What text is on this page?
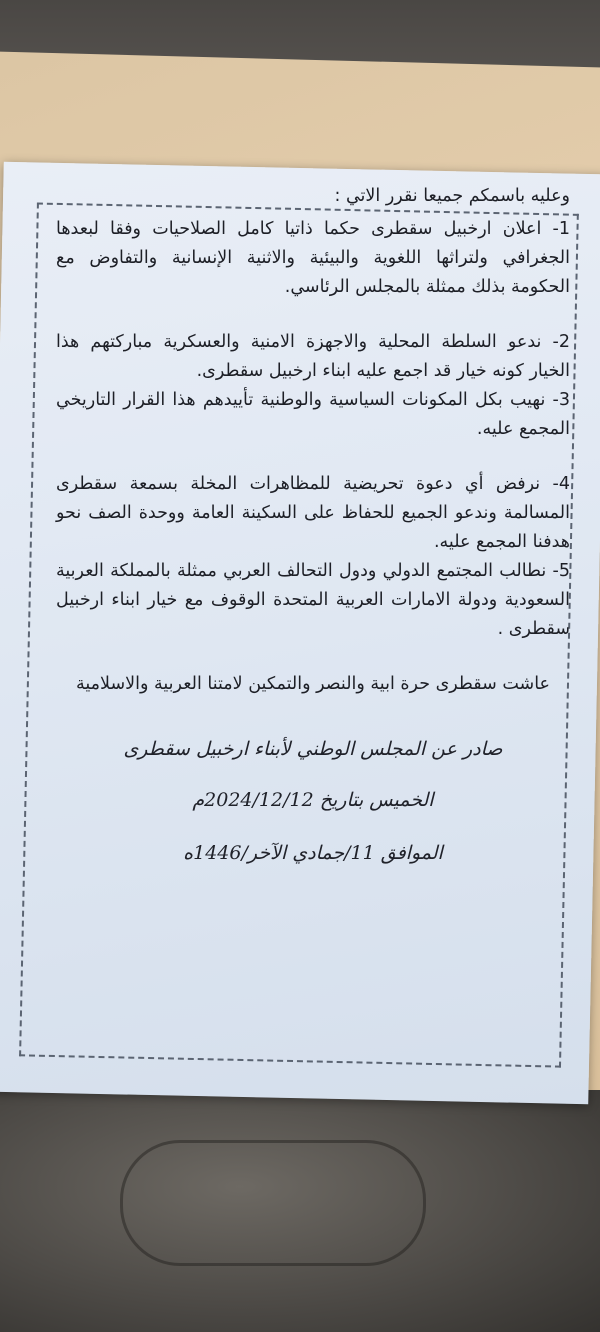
وعليه باسمكم جميعا نقرر الاتي :

1- اعلان ارخبيل سقطرى حكما ذاتيا كامل الصلاحيات وفقا لبعدها الجغرافي ولتراثها اللغوية والبيئية والاثنية الإنسانية والتفاوض مع الحكومة بذلك ممثلة بالمجلس الرئاسي.

2- ندعو السلطة المحلية والاجهزة الامنية والعسكرية مباركتهم هذا الخيار كونه خيار قد اجمع عليه ابناء ارخبيل سقطرى.

3- نهيب بكل المكونات السياسية والوطنية تأييدهم هذا القرار التاريخي المجمع عليه.

4- نرفض أي دعوة تحريضية للمظاهرات المخلة بسمعة سقطرى المسالمة وندعو الجميع للحفاظ على السكينة العامة ووحدة الصف نحو هدفنا المجمع عليه.

5- نطالب المجتمع الدولي ودول التحالف العربي ممثلة بالمملكة العربية السعودية ودولة الامارات العربية المتحدة الوقوف مع خيار ابناء ارخبيل سقطرى .

عاشت سقطرى حرة ابية والنصر والتمكين لامتنا العربية والاسلامية

صادر عن المجلس الوطني لأبناء ارخبيل سقطرى

الخميس بتاريخ 2024/12/12م

الموافق 11/جمادي الآخر/1446ه
